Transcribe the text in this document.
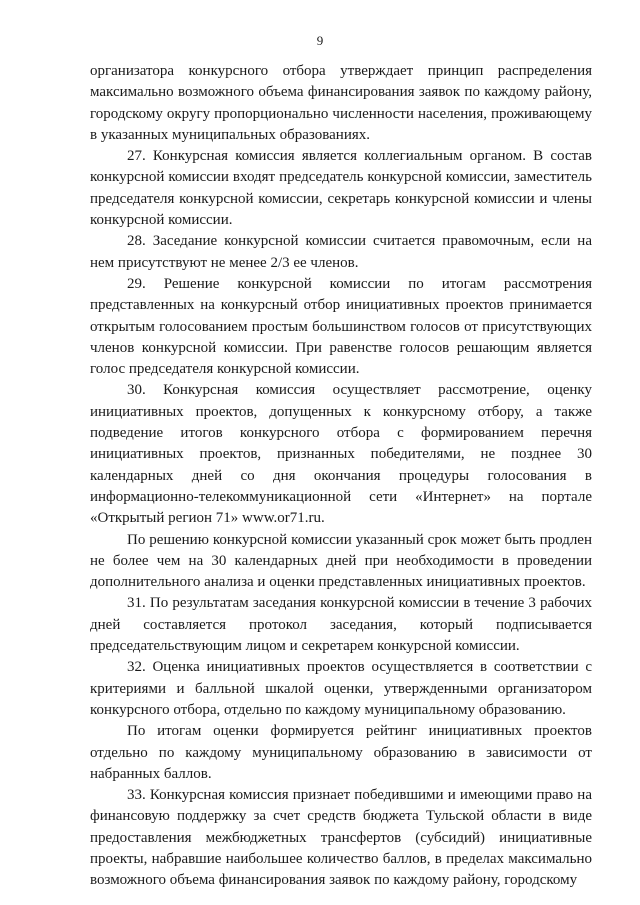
9

организатора конкурсного отбора утверждает принцип распределения максимально возможного объема финансирования заявок по каждому району, городскому округу пропорционально численности населения, проживающему в указанных муниципальных образованиях.

27. Конкурсная комиссия является коллегиальным органом. В состав конкурсной комиссии входят председатель конкурсной комиссии, заместитель председателя конкурсной комиссии, секретарь конкурсной комиссии и члены конкурсной комиссии.

28. Заседание конкурсной комиссии считается правомочным, если на нем присутствуют не менее 2/3 ее членов.

29. Решение конкурсной комиссии по итогам рассмотрения представленных на конкурсный отбор инициативных проектов принимается открытым голосованием простым большинством голосов от присутствующих членов конкурсной комиссии. При равенстве голосов решающим является голос председателя конкурсной комиссии.

30. Конкурсная комиссия осуществляет рассмотрение, оценку инициативных проектов, допущенных к конкурсному отбору, а также подведение итогов конкурсного отбора с формированием перечня инициативных проектов, признанных победителями, не позднее 30 календарных дней со дня окончания процедуры голосования в информационно-телекоммуникационной сети «Интернет» на портале «Открытый регион 71» www.or71.ru.

По решению конкурсной комиссии указанный срок может быть продлен не более чем на 30 календарных дней при необходимости в проведении дополнительного анализа и оценки представленных инициативных проектов.

31. По результатам заседания конкурсной комиссии в течение 3 рабочих дней составляется протокол заседания, который подписывается председательствующим лицом и секретарем конкурсной комиссии.

32. Оценка инициативных проектов осуществляется в соответствии с критериями и балльной шкалой оценки, утвержденными организатором конкурсного отбора, отдельно по каждому муниципальному образованию.

По итогам оценки формируется рейтинг инициативных проектов отдельно по каждому муниципальному образованию в зависимости от набранных баллов.

33. Конкурсная комиссия признает победившими и имеющими право на финансовую поддержку за счет средств бюджета Тульской области в виде предоставления межбюджетных трансфертов (субсидий) инициативные проекты, набравшие наибольшее количество баллов, в пределах максимально возможного объема финансирования заявок по каждому району, городскому
